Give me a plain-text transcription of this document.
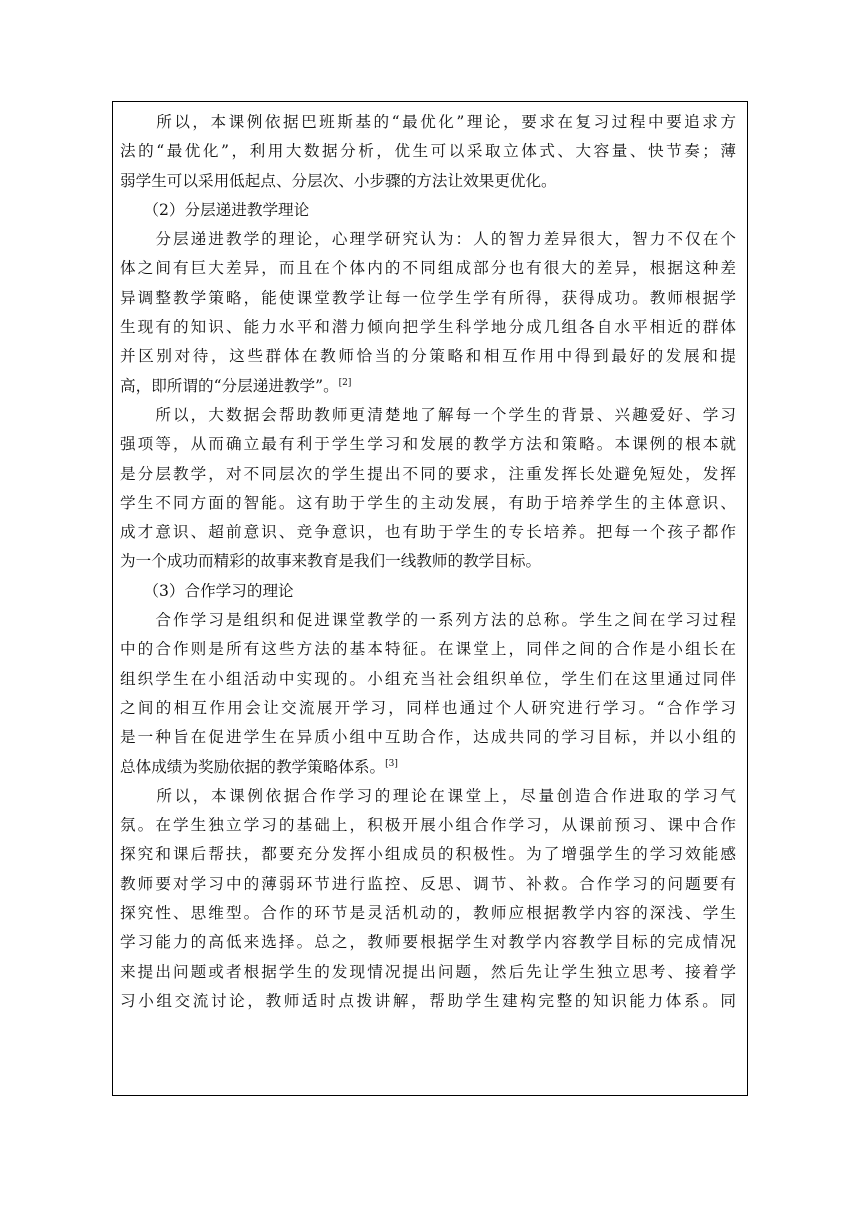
　　所以，本课例依据巴班斯基的“最优化”理论，要求在复习过程中要追求方
法的“最优化”，利用大数据分析，优生可以采取立体式、大容量、快节奏；薄
弱学生可以采用低起点、分层次、小步骤的方法让效果更优化。
　　（2）分层递进教学理论
　　分层递进教学的理论，心理学研究认为：人的智力差异很大，智力不仅在个
体之间有巨大差异，而且在个体内的不同组成部分也有很大的差异，根据这种差
异调整教学策略，能使课堂教学让每一位学生学有所得，获得成功。教师根据学
生现有的知识、能力水平和潜力倾向把学生科学地分成几组各自水平相近的群体
并区别对待，这些群体在教师恰当的分策略和相互作用中得到最好的发展和提
高，即所谓的“分层递进教学”。[2]
　　所以，大数据会帮助教师更清楚地了解每一个学生的背景、兴趣爱好、学习
强项等，从而确立最有利于学生学习和发展的教学方法和策略。本课例的根本就
是分层教学，对不同层次的学生提出不同的要求，注重发挥长处避免短处，发挥
学生不同方面的智能。这有助于学生的主动发展，有助于培养学生的主体意识、
成才意识、超前意识、竞争意识，也有助于学生的专长培养。把每一个孩子都作
为一个成功而精彩的故事来教育是我们一线教师的教学目标。
　　（3）合作学习的理论
　　合作学习是组织和促进课堂教学的一系列方法的总称。学生之间在学习过程
中的合作则是所有这些方法的基本特征。在课堂上，同伴之间的合作是小组长在
组织学生在小组活动中实现的。小组充当社会组织单位，学生们在这里通过同伴
之间的相互作用会让交流展开学习，同样也通过个人研究进行学习。“合作学习
是一种旨在促进学生在异质小组中互助合作，达成共同的学习目标，并以小组的
总体成绩为奖励依据的教学策略体系。[3]
　　所以，本课例依据合作学习的理论在课堂上，尽量创造合作进取的学习气
氛。在学生独立学习的基础上，积极开展小组合作学习，从课前预习、课中合作
探究和课后帮扶，都要充分发挥小组成员的积极性。为了增强学生的学习效能感
教师要对学习中的薄弱环节进行监控、反思、调节、补救。合作学习的问题要有
探究性、思维型。合作的环节是灵活机动的，教师应根据教学内容的深浅、学生
学习能力的高低来选择。总之，教师要根据学生对教学内容教学目标的完成情况
来提出问题或者根据学生的发现情况提出问题，然后先让学生独立思考、接着学
习小组交流讨论，教师适时点拨讲解，帮助学生建构完整的知识能力体系。同
